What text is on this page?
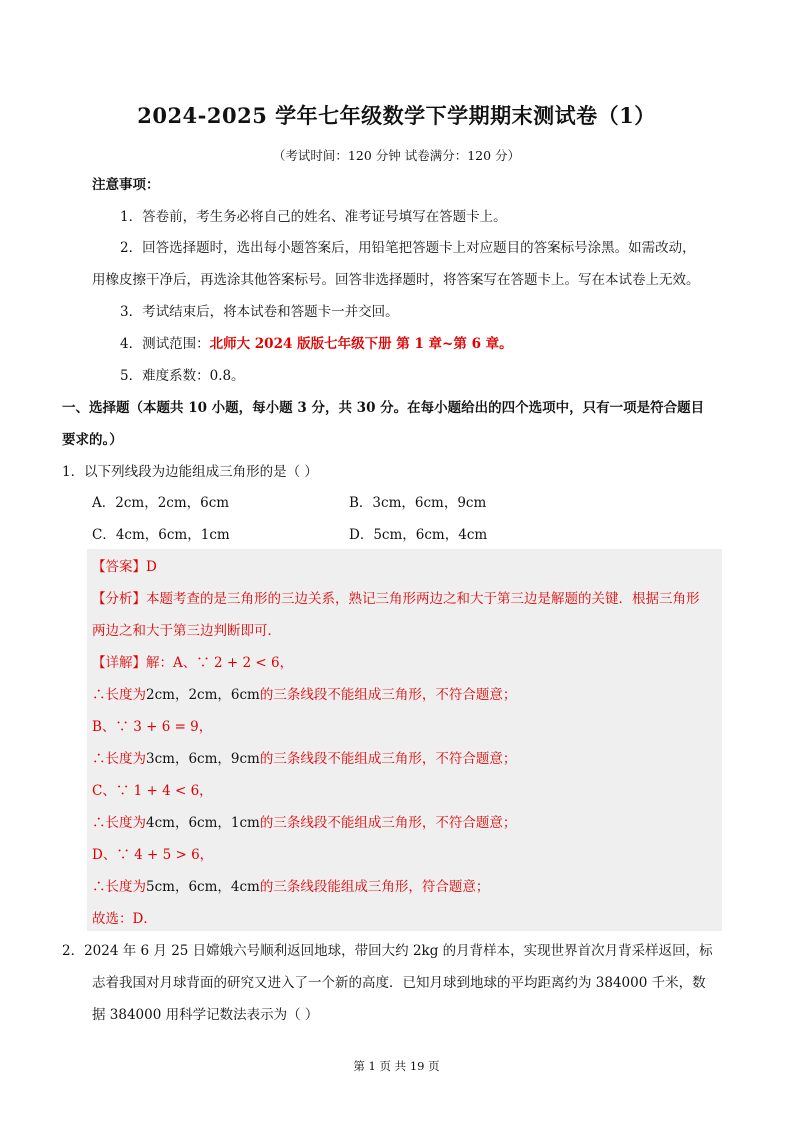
2024-2025 学年七年级数学下学期期末测试卷（1）
（考试时间：120 分钟 试卷满分：120 分）
注意事项：
1．答卷前，考生务必将自己的姓名、准考证号填写在答题卡上。
2．回答选择题时，选出每小题答案后，用铅笔把答题卡上对应题目的答案标号涂黑。如需改动，
用橡皮擦干净后，再选涂其他答案标号。回答非选择题时，将答案写在答题卡上。写在本试卷上无效。
3．考试结束后，将本试卷和答题卡一并交回。
4．测试范围：北师大 2024 版版七年级下册 第 1 章~第 6 章。
5．难度系数：0.8。
一、选择题（本题共 10 小题，每小题 3 分，共 30 分。在每小题给出的四个选项中，只有一项是符合题目
要求的。）
1．以下列线段为边能组成三角形的是（ ）
A．2cm，2cm，6cm	B．3cm，6cm，9cm
C．4cm，6cm，1cm	D．5cm，6cm，4cm
【答案】D
【分析】本题考查的是三角形的三边关系，熟记三角形两边之和大于第三边是解题的关键．根据三角形
两边之和大于第三边判断即可．
【详解】解：A、∵ 2 + 2 < 6，
∴长度为2cm，2cm，6cm的三条线段不能组成三角形，不符合题意；
B、∵ 3 + 6 = 9，
∴长度为3cm，6cm，9cm的三条线段不能组成三角形，不符合题意；
C、∵ 1 + 4 < 6，
∴长度为4cm，6cm，1cm的三条线段不能组成三角形，不符合题意；
D、∵ 4 + 5 > 6，
∴长度为5cm，6cm，4cm的三条线段能组成三角形，符合题意；
故选：D．
2．2024 年 6 月 25 日嫦娥六号顺利返回地球，带回大约 2kg 的月背样本，实现世界首次月背采样返回，标
志着我国对月球背面的研究又进入了一个新的高度．已知月球到地球的平均距离约为 384000 千米，数
据 384000 用科学记数法表示为（ ）
第 1 页 共 19 页
